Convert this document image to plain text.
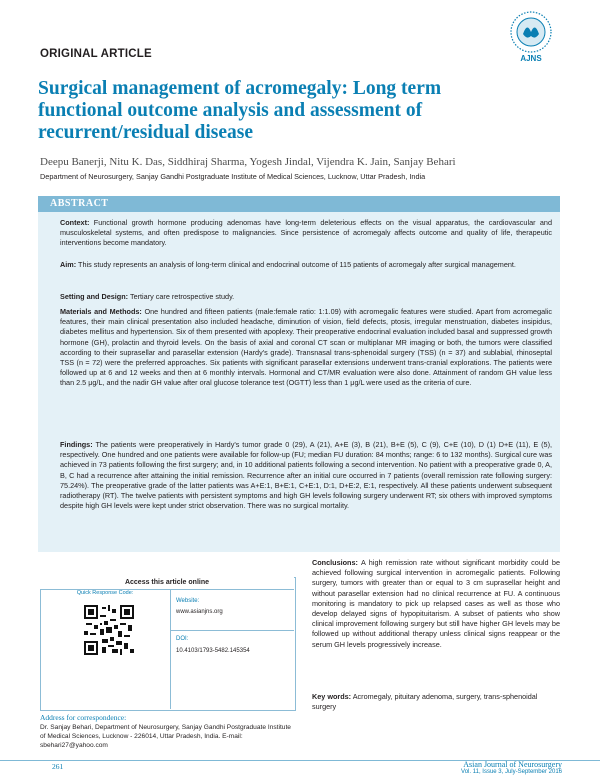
ORIGINAL ARTICLE	AJNS
Surgical management of acromegaly: Long term functional outcome analysis and assessment of recurrent/residual disease
Deepu Banerji, Nitu K. Das, Siddhiraj Sharma, Yogesh Jindal, Vijendra K. Jain, Sanjay Behari
Department of Neurosurgery, Sanjay Gandhi Postgraduate Institute of Medical Sciences, Lucknow, Uttar Pradesh, India
ABSTRACT
Context: Functional growth hormone producing adenomas have long-term deleterious effects on the visual apparatus, the cardiovascular and musculoskeletal systems, and often predispose to malignancies. Since persistence of acromegaly affects outcome and quality of life, therapeutic interventions become mandatory.
Aim: This study represents an analysis of long-term clinical and endocrinal outcome of 115 patients of acromegaly after surgical management.
Setting and Design: Tertiary care retrospective study.
Materials and Methods: One hundred and fifteen patients (male:female ratio: 1:1.09) with acromegalic features were studied. Apart from acromegalic features, their main clinical presentation also included headache, diminution of vision, field defects, ptosis, irregular menstruation, diabetes insipidus, diabetes mellitus and hypertension. Six of them presented with apoplexy. Their preoperative endocrinal evaluation included basal and suppressed growth hormone (GH), prolactin and thyroid levels. On the basis of axial and coronal CT scan or multiplanar MR imaging or both, the tumors were classified according to their suprasellar and parasellar extension (Hardy's grade). Transnasal trans-sphenoidal surgery (TSS) (n = 37) and sublabial, rhinoseptal TSS (n = 72) were the preferred approaches. Six patients with significant parasellar extensions underwent trans-cranial explorations. The patients were followed up at 6 and 12 weeks and then at 6 monthly intervals. Hormonal and CT/MR evaluation were also done. Attainment of random GH value less than 2.5 μg/L, and the nadir GH value after oral glucose tolerance test (OGTT) less than 1 μg/L were used as the criteria of cure.
Findings: The patients were preoperatively in Hardy's tumor grade 0 (29), A (21), A+E (3), B (21), B+E (5), C (9), C+E (10), D (1) D+E (11), E (5), respectively. One hundred and one patients were available for follow-up (FU; median FU duration: 84 months; range: 6 to 132 months). Surgical cure was achieved in 73 patients following the first surgery; and, in 10 additional patients following a second intervention. No patient with a preoperative grade 0, A, B, C had a recurrence after attaining the initial remission. Recurrence after an initial cure occurred in 7 patients (overall remission rate following surgery: 75.24%). The preoperative grade of the latter patients was A+E:1, B+E:1, C+E:1, D:1, D+E:2, E:1, respectively. All these patients underwent subsequent radiotherapy (RT). The twelve patients with persistent symptoms and high GH levels following surgery underwent RT; six others with improved symptoms despite high GH levels were kept under strict observation. There was no surgical mortality.
Conclusions: A high remission rate without significant morbidity could be achieved following surgical intervention in acromegalic patients. Following surgery, tumors with greater than or equal to 3 cm suprasellar height and without parasellar extension had no clinical recurrence at FU. A continuous monitoring is mandatory to pick up relapsed cases as well as those who develop delayed signs of hypopituitarism. A subset of patients who show clinical improvement following surgery but still have higher GH levels may be followed up without additional therapy unless clinical signs reappear or the serum GH levels progressively increase.
Key words: Acromegaly, pituitary adenoma, surgery, trans-sphenoidal surgery
Access this article online
Quick Response Code:
Website:
www.asianjns.org
DOI:
10.4103/1793-5482.145354
Address for correspondence:
Dr. Sanjay Behari, Department of Neurosurgery, Sanjay Gandhi Postgraduate Institute of Medical Sciences, Lucknow - 226014, Uttar Pradesh, India. E-mail: sbehari27@yahoo.com
261	Asian Journal of Neurosurgery
Vol. 11, Issue 3, July-September 2016
